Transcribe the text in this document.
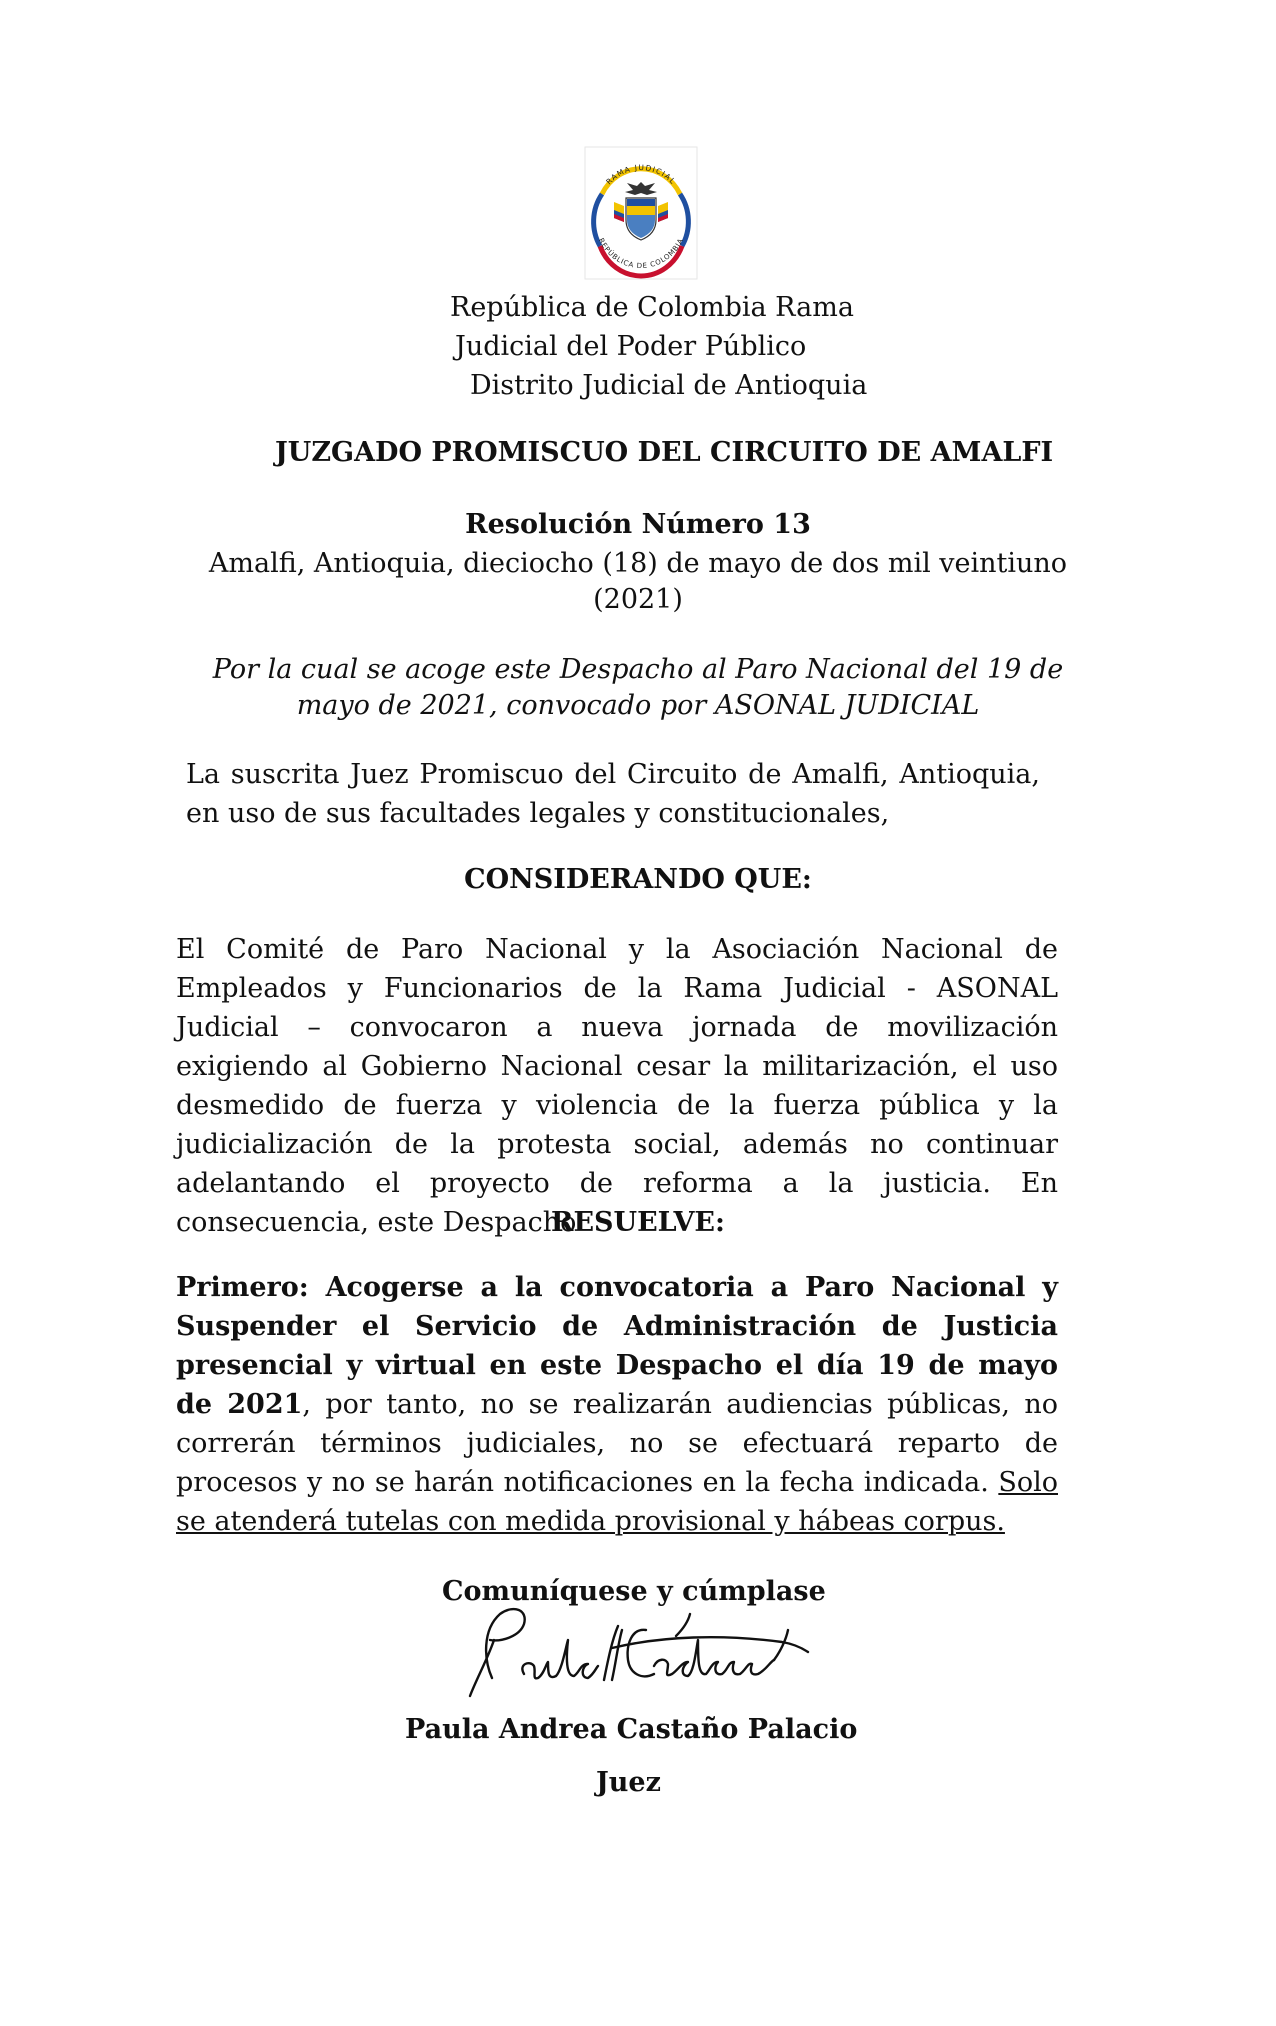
RAMA JUDICIAL
REPÚBLICA DE COLOMBIA
República de Colombia Rama
Judicial del Poder Público
Distrito Judicial de Antioquia
JUZGADO PROMISCUO DEL CIRCUITO DE AMALFI
Resolución Número 13
Amalfi, Antioquia, dieciocho (18) de mayo de dos mil veintiuno
(2021)
Por la cual se acoge este Despacho al Paro Nacional del 19 de
mayo de 2021, convocado por ASONAL JUDICIAL
La suscrita Juez Promiscuo del Circuito de Amalfi, Antioquia, en uso de sus facultades legales y constitucionales,
CONSIDERANDO QUE:
El Comité de Paro Nacional y la Asociación Nacional de Empleados y Funcionarios de la Rama Judicial - ASONAL Judicial – convocaron a nueva jornada de movilización exigiendo al Gobierno Nacional cesar la militarización, el uso desmedido de fuerza y violencia de la fuerza pública y la judicialización de la protesta social, además no continuar adelantando el proyecto de reforma a la justicia. En consecuencia, este Despacho
RESUELVE:
Primero: Acogerse a la convocatoria a Paro Nacional y Suspender el Servicio de Administración de Justicia presencial y virtual en este Despacho el día 19 de mayo de 2021, por tanto, no se realizarán audiencias públicas, no correrán términos judiciales, no se efectuará reparto de procesos y no se harán notificaciones en la fecha indicada. Solo se atenderá tutelas con medida provisional y hábeas corpus.
Comuníquese y cúmplase
Paula Andrea Castaño Palacio
Juez
